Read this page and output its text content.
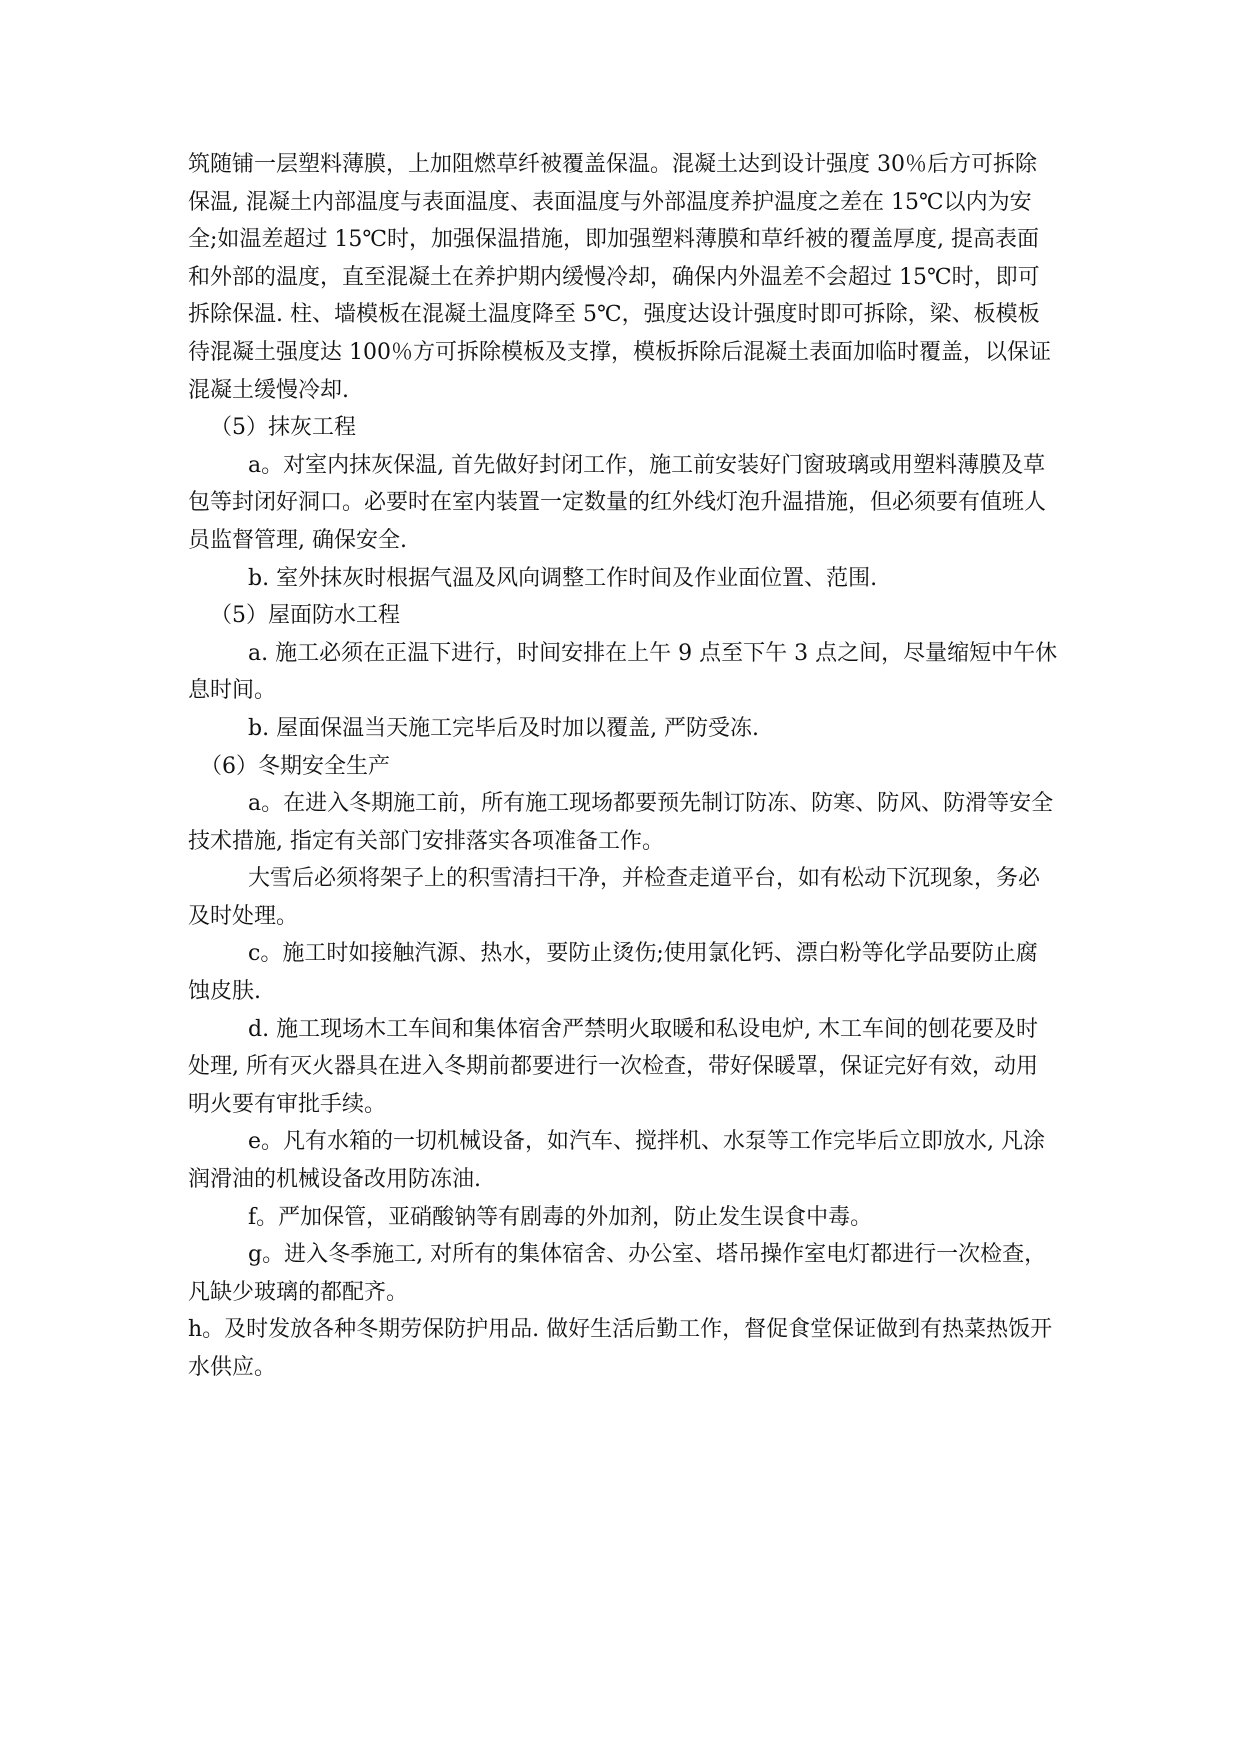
筑随铺一层塑料薄膜，上加阻燃草纤被覆盖保温。混凝土达到设计强度 30％后方可拆除保温, 混凝土内部温度与表面温度、表面温度与外部温度养护温度之差在 15℃以内为安全;如温差超过 15℃时，加强保温措施，即加强塑料薄膜和草纤被的覆盖厚度, 提高表面和外部的温度，直至混凝土在养护期内缓慢冷却，确保内外温差不会超过 15℃时，即可拆除保温. 柱、墙模板在混凝土温度降至 5℃，强度达设计强度时即可拆除，梁、板模板待混凝土强度达 100％方可拆除模板及支撑，模板拆除后混凝土表面加临时覆盖，以保证混凝土缓慢冷却.

（5）抹灰工程

a。对室内抹灰保温, 首先做好封闭工作，施工前安装好门窗玻璃或用塑料薄膜及草包等封闭好洞口。必要时在室内装置一定数量的红外线灯泡升温措施，但必须要有值班人员监督管理, 确保安全.

b. 室外抹灰时根据气温及风向调整工作时间及作业面位置、范围.

（5）屋面防水工程

a. 施工必须在正温下进行，时间安排在上午 9 点至下午 3 点之间，尽量缩短中午休息时间。

b. 屋面保温当天施工完毕后及时加以覆盖, 严防受冻.

（6）冬期安全生产

a。在进入冬期施工前，所有施工现场都要预先制订防冻、防寒、防风、防滑等安全技术措施, 指定有关部门安排落实各项准备工作。

大雪后必须将架子上的积雪清扫干净，并检查走道平台，如有松动下沉现象，务必及时处理。

c。施工时如接触汽源、热水，要防止烫伤;使用氯化钙、漂白粉等化学品要防止腐蚀皮肤.

d. 施工现场木工车间和集体宿舍严禁明火取暖和私设电炉, 木工车间的刨花要及时处理, 所有灭火器具在进入冬期前都要进行一次检查，带好保暖罩，保证完好有效，动用明火要有审批手续。

e。凡有水箱的一切机械设备，如汽车、搅拌机、水泵等工作完毕后立即放水, 凡涂润滑油的机械设备改用防冻油.

f。严加保管，亚硝酸钠等有剧毒的外加剂，防止发生误食中毒。

g。进入冬季施工, 对所有的集体宿舍、办公室、塔吊操作室电灯都进行一次检查，凡缺少玻璃的都配齐。

h。及时发放各种冬期劳保防护用品. 做好生活后勤工作，督促食堂保证做到有热菜热饭开水供应。
